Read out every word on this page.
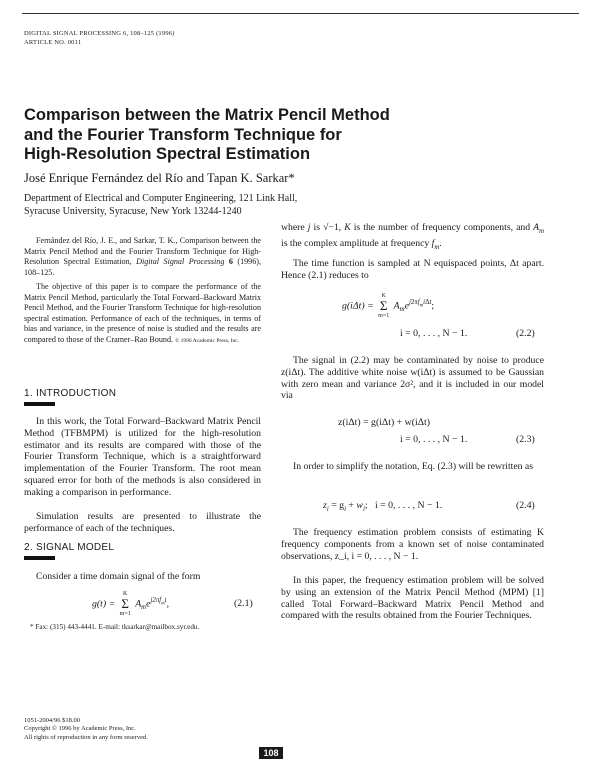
DIGITAL SIGNAL PROCESSING 6, 108–125 (1996)
ARTICLE NO. 0011
Comparison between the Matrix Pencil Method
and the Fourier Transform Technique for
High-Resolution Spectral Estimation
José Enrique Fernández del Río and Tapan K. Sarkar*
Department of Electrical and Computer Engineering, 121 Link Hall,
Syracuse University, Syracuse, New York 13244-1240
Fernández del Río, J. E., and Sarkar, T. K., Comparison between the Matrix Pencil Method and the Fourier Transform Technique for High-Resolution Spectral Estimation, Digital Signal Processing 6 (1996), 108–125.
The objective of this paper is to compare the performance of the Matrix Pencil Method, particularly the Total Forward–Backward Matrix Pencil Method, and the Fourier Transform Technique for high-resolution spectral estimation. Performance of each of the techniques, in terms of bias and variance, in the presence of noise is studied and the results are compared to those of the Cramer–Rao Bound. © 1996 Academic Press, Inc.
1. INTRODUCTION
In this work, the Total Forward–Backward Matrix Pencil Method (TFBMPM) is utilized for the high-resolution estimator and its results are compared with those of the Fourier Transform Technique, which is a straightforward implementation of the Fourier Transform. The root mean squared error for both of the methods is also considered in making a comparison in performance.
Simulation results are presented to illustrate the performance of each of the techniques.
2. SIGNAL MODEL
Consider a time domain signal of the form
g(t) =
K
Σ
m=1
$A_me^{j2\pi f_mt}$,	(2.1)
* Fax: (315) 443-4441. E-mail: tksarkar@mailbox.syr.edu.
1051-2004/96 $18.00
Copyright © 1996 by Academic Press, Inc.
All rights of reproduction in any form reserved.
where j is √−1, K is the number of frequency components, and $A_m$ is the complex amplitude at frequency $f_m$.
The time function is sampled at N equispaced points, Δt apart. Hence (2.1) reduces to
g(iΔt) =
K
Σ
m=1
$A_me^{j2\pi f_mi\Delta t}$;
i = 0, . . . , N − 1.	(2.2)
The signal in (2.2) may be contaminated by noise to produce z(iΔt). The additive white noise w(iΔt) is assumed to be Gaussian with zero mean and variance 2σ², and it is included in our model via
z(iΔt) = g(iΔt) + w(iΔt)
i = 0, . . . , N − 1.	(2.3)
In order to simplify the notation, Eq. (2.3) will be rewritten as
$z_i = g_i + w_i$;   i = 0, . . . , N − 1.	(2.4)
The frequency estimation problem consists of estimating K frequency components from a known set of noise contaminated observations, z_i, i = 0, . . . , N − 1.
In this paper, the frequency estimation problem will be solved by using an extension of the Matrix Pencil Method (MPM) [1] called Total Forward–Backward Matrix Pencil Method and compared with the results obtained from the Fourier Techniques.
108
